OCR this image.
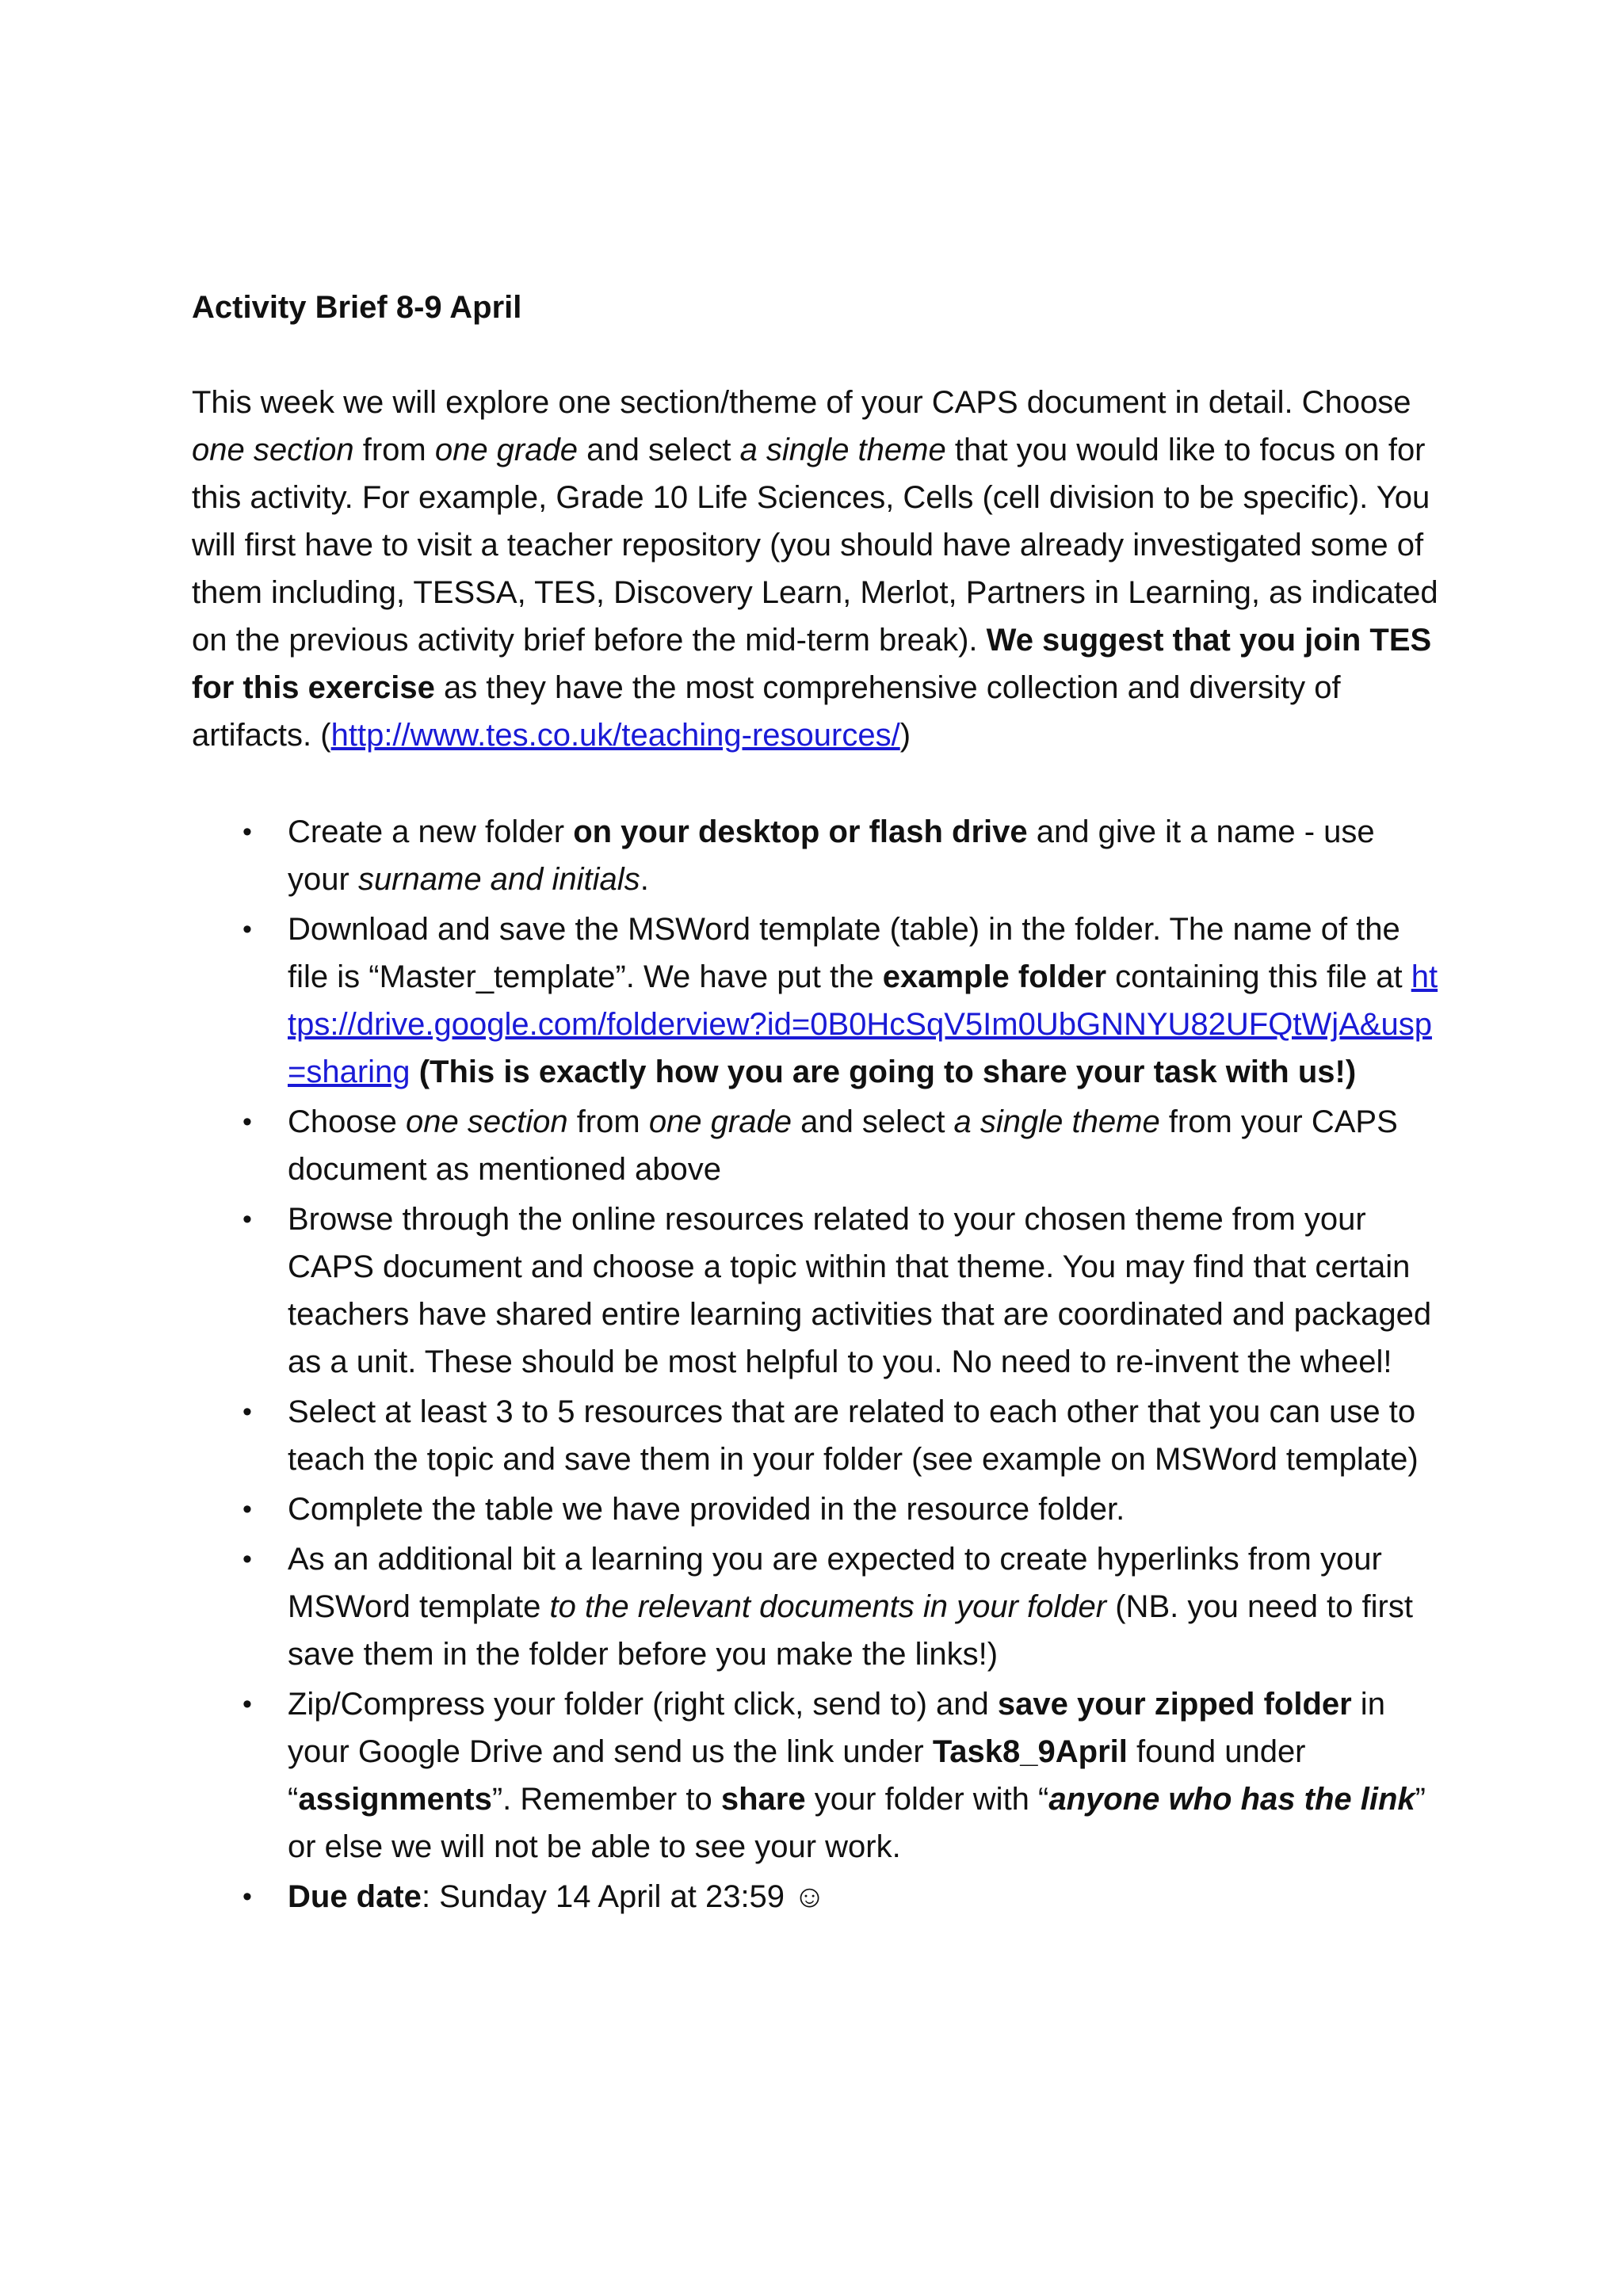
Activity Brief 8-9 April
This week we will explore one section/theme of your CAPS document in detail. Choose one section from one grade and select a single theme that you would like to focus on for this activity. For example, Grade 10 Life Sciences, Cells (cell division to be specific). You will first have to visit a teacher repository (you should have already investigated some of them including, TESSA, TES, Discovery Learn, Merlot, Partners in Learning, as indicated on the previous activity brief before the mid-term break). We suggest that you join TES for this exercise as they have the most comprehensive collection and diversity of artifacts. (http://www.tes.co.uk/teaching-resources/)
• Create a new folder on your desktop or flash drive and give it a name - use your surname and initials.
• Download and save the MSWord template (table) in the folder. The name of the file is “Master_template”. We have put the example folder containing this file at https://drive.google.com/folderview?id=0B0HcSqV5Im0UbGNNYU82UFQtWjA&usp=sharing (This is exactly how you are going to share your task with us!)
• Choose one section from one grade and select a single theme from your CAPS document as mentioned above
• Browse through the online resources related to your chosen theme from your CAPS document and choose a topic within that theme. You may find that certain teachers have shared entire learning activities that are coordinated and packaged as a unit. These should be most helpful to you. No need to re-invent the wheel!
• Select at least 3 to 5 resources that are related to each other that you can use to teach the topic and save them in your folder (see example on MSWord template)
• Complete the table we have provided in the resource folder.
• As an additional bit a learning you are expected to create hyperlinks from your MSWord template to the relevant documents in your folder (NB. you need to first save them in the folder before you make the links!)
• Zip/Compress your folder (right click, send to) and save your zipped folder in your Google Drive and send us the link under Task8_9April found under “assignments”. Remember to share your folder with “anyone who has the link” or else we will not be able to see your work.
• Due date: Sunday 14 April at 23:59 ☺
